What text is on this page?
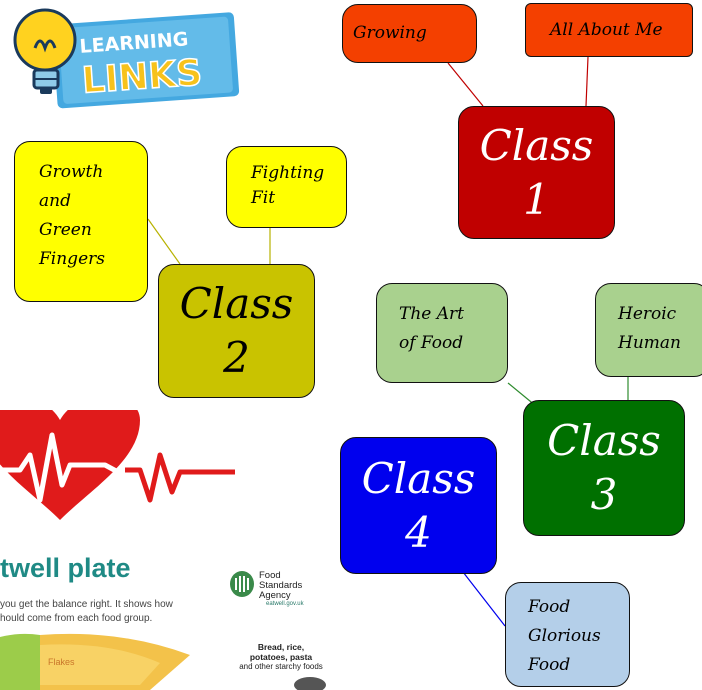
LEARNING
LINKS
Growing	All About Me
Growth
and
Green
Fingers
Fighting
Fit
The Art
of Food
Heroic
Human
Food
Glorious
Food
Class
1
Class
2
Class
3
Class
4
twell plate
you get the balance right. It shows how
hould come from each food group.
Food
Standards
Agency
eatwell.gov.uk
Flakes
Bread, rice,
potatoes, pasta
and other starchy foods
